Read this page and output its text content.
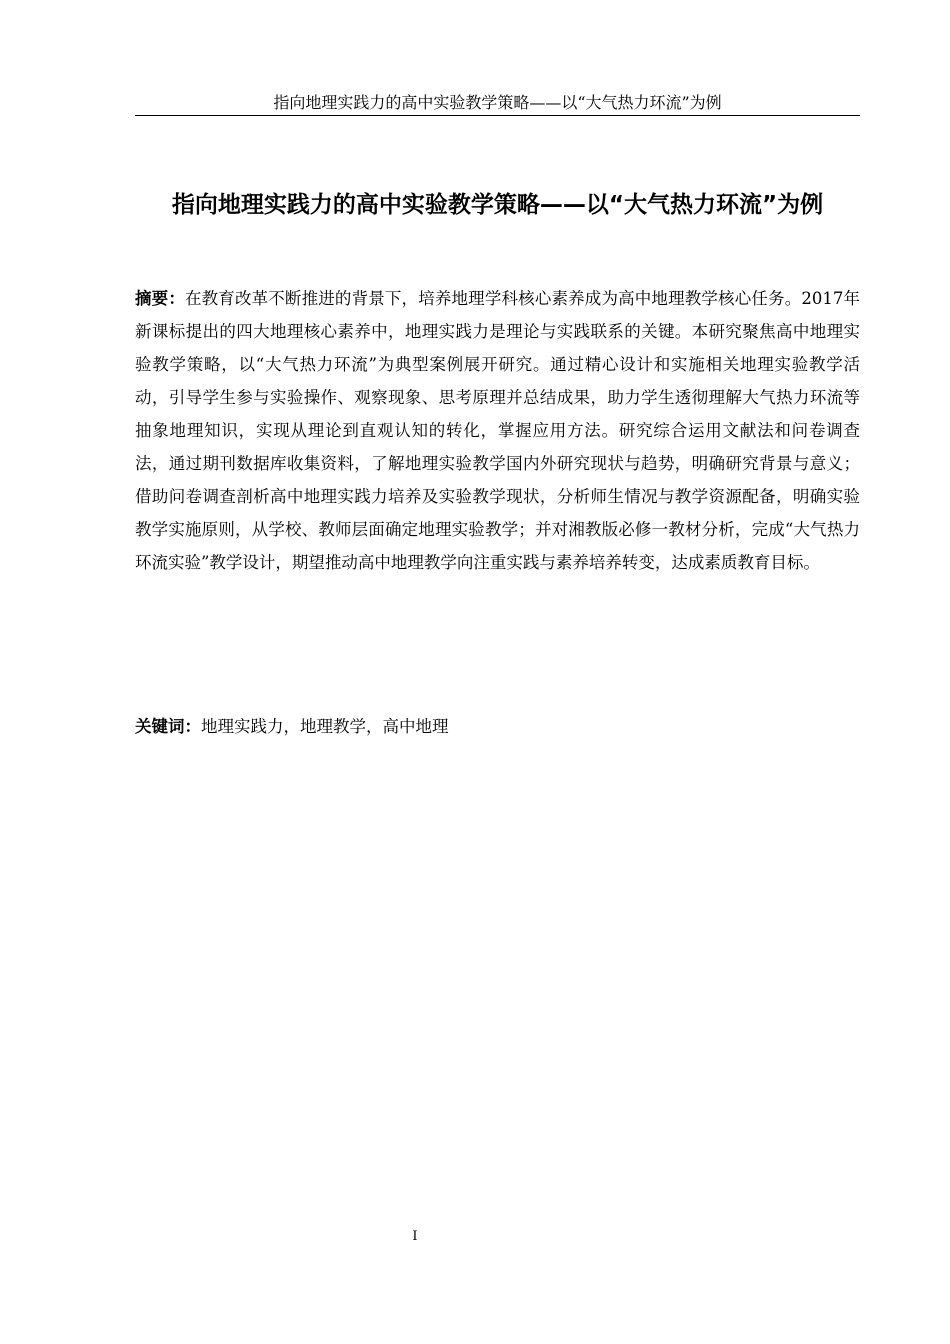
指向地理实践力的高中实验教学策略——以“大气热力环流”为例
指向地理实践力的高中实验教学策略——以“大气热力环流”为例

摘要：在教育改革不断推进的背景下，培养地理学科核心素养成为高中地理教学核心任务。2017年新课标提出的四大地理核心素养中，地理实践力是理论与实践联系的关键。本研究聚焦高中地理实验教学策略，以“大气热力环流”为典型案例展开研究。通过精心设计和实施相关地理实验教学活动，引导学生参与实验操作、观察现象、思考原理并总结成果，助力学生透彻理解大气热力环流等抽象地理知识，实现从理论到直观认知的转化，掌握应用方法。研究综合运用文献法和问卷调查法，通过期刊数据库收集资料，了解地理实验教学国内外研究现状与趋势，明确研究背景与意义；借助问卷调查剖析高中地理实践力培养及实验教学现状，分析师生情况与教学资源配备，明确实验教学实施原则，从学校、教师层面确定地理实验教学；并对湘教版必修一教材分析，完成“大气热力环流实验”教学设计，期望推动高中地理教学向注重实践与素养培养转变，达成素质教育目标。

关键词：地理实践力，地理教学，高中地理

I
